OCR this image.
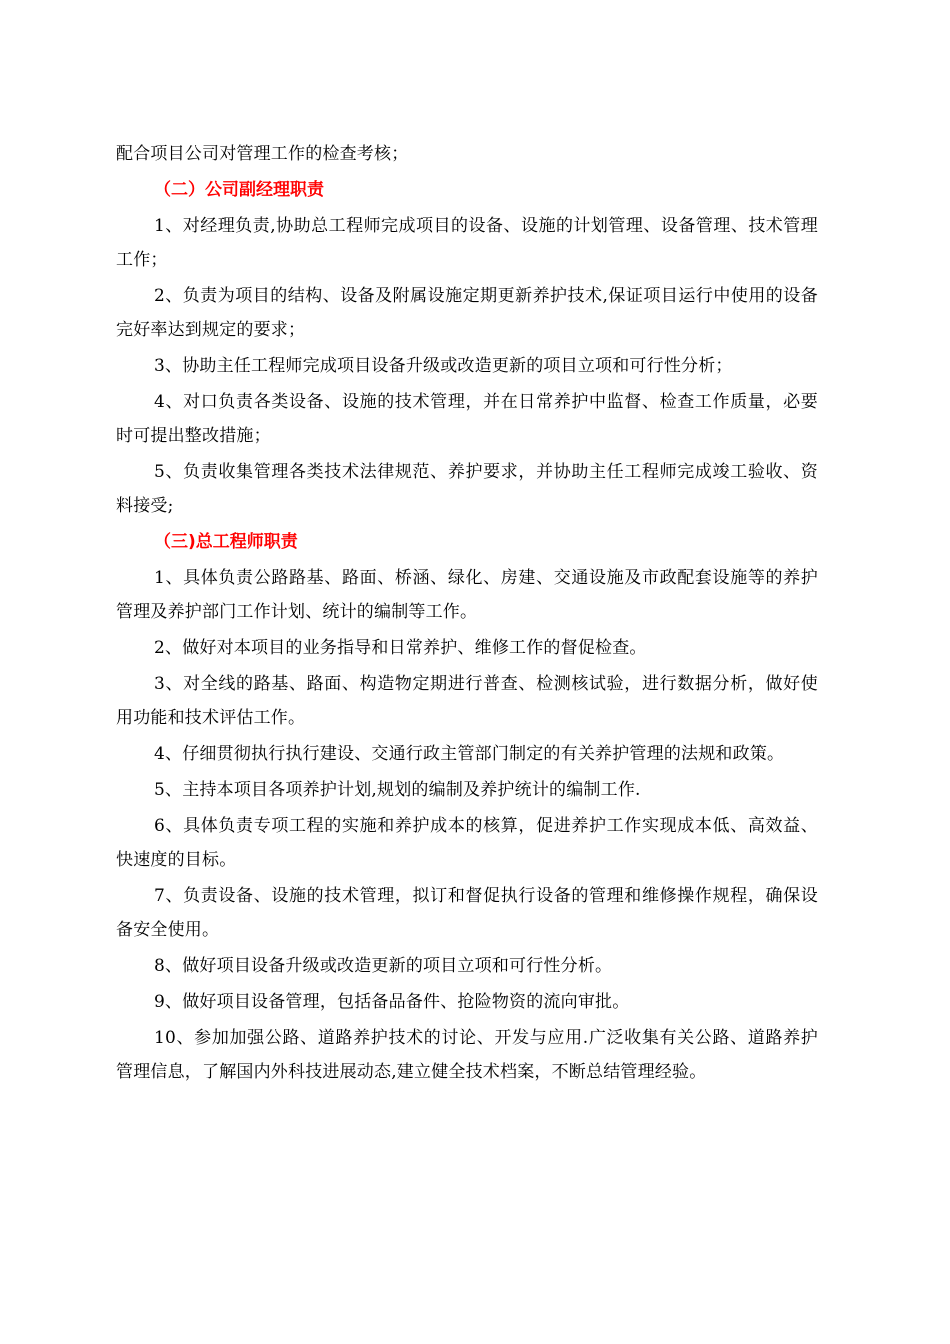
配合项目公司对管理工作的检查考核；

（二）公司副经理职责

1、对经理负责,协助总工程师完成项目的设备、设施的计划管理、设备管理、技术管理工作；

2、负责为项目的结构、设备及附属设施定期更新养护技术,保证项目运行中使用的设备完好率达到规定的要求；

3、协助主任工程师完成项目设备升级或改造更新的项目立项和可行性分析；

4、对口负责各类设备、设施的技术管理，并在日常养护中监督、检查工作质量，必要时可提出整改措施；

5、负责收集管理各类技术法律规范、养护要求，并协助主任工程师完成竣工验收、资料接受;

（三)总工程师职责

1、具体负责公路路基、路面、桥涵、绿化、房建、交通设施及市政配套设施等的养护管理及养护部门工作计划、统计的编制等工作。

2、做好对本项目的业务指导和日常养护、维修工作的督促检查。

3、对全线的路基、路面、构造物定期进行普查、检测核试验，进行数据分析，做好使用功能和技术评估工作。

4、仔细贯彻执行执行建设、交通行政主管部门制定的有关养护管理的法规和政策。

5、主持本项目各项养护计划,规划的编制及养护统计的编制工作.

6、具体负责专项工程的实施和养护成本的核算，促进养护工作实现成本低、高效益、快速度的目标。

7、负责设备、设施的技术管理，拟订和督促执行设备的管理和维修操作规程，确保设备安全使用。

8、做好项目设备升级或改造更新的项目立项和可行性分析。

9、做好项目设备管理，包括备品备件、抢险物资的流向审批。

10、参加加强公路、道路养护技术的讨论、开发与应用.广泛收集有关公路、道路养护管理信息，了解国内外科技进展动态,建立健全技术档案，不断总结管理经验。
